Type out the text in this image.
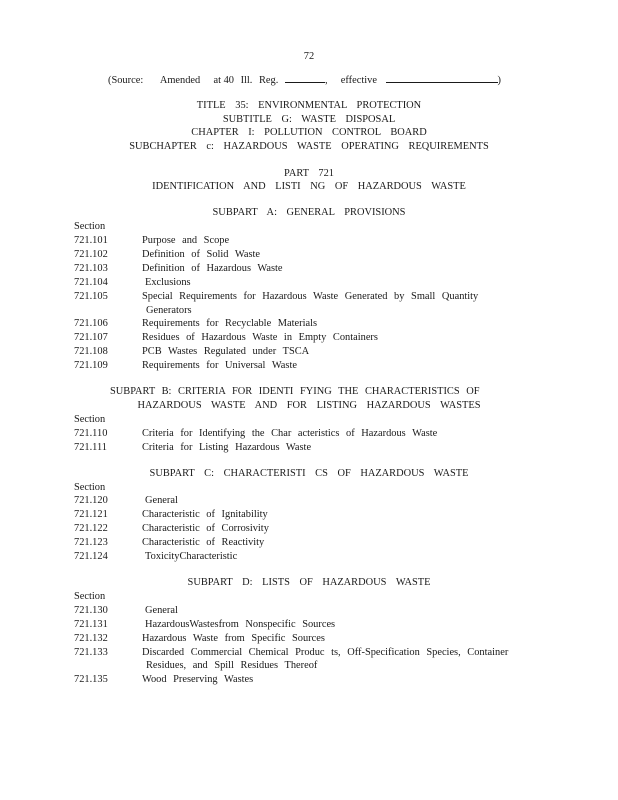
72
(Source: Amended at 40 Ill. Reg.	, effective	)
TITLE 35: ENVIRONMENTAL PROTECTION
SUBTITLE G: WASTE DISPOSAL
CHAPTER I: POLLUTION CONTROL BOARD
SUBCHAPTER c: HAZARDOUS WASTE OPERATING REQUIREMENTS
PART 721
IDENTIFICATION AND LISTI NG OF HAZARDOUS WASTE
SUBPART A: GENERAL PROVISIONS
Section
721.101	Purpose and Scope
721.102	Definition of Solid Waste
721.103	Definition of Hazardous Waste
721.104	Exclusions
721.105	Special Requirements for Hazardous Waste Generated by Small Quantity
Generators
721.106	Requirements for Recyclable Materials
721.107	Residues of Hazardous Waste in Empty Containers
721.108	PCB Wastes Regulated under TSCA
721.109	Requirements for Universal Waste
SUBPART B: CRITERIA FOR IDENTI FYING THE CHARACTERISTICS OF
HAZARDOUS WASTE AND FOR LISTING HAZARDOUS WASTES
Section
721.110	Criteria for Identifying the Char acteristics of Hazardous Waste
721.111	Criteria for Listing Hazardous Waste
SUBPART C: CHARACTERISTI CS OF HAZARDOUS WASTE
Section
721.120	General
721.121	Characteristic of Ignitability
721.122	Characteristic of Corrosivity
721.123	Characteristic of Reactivity
721.124	ToxicityCharacteristic
SUBPART D: LISTS OF HAZARDOUS WASTE
Section
721.130	General
721.131	HazardousWastesfrom Nonspecific Sources
721.132	Hazardous Waste from Specific Sources
721.133	Discarded Commercial Chemical Produc ts, Off-Specification Species, Container
Residues, and Spill Residues Thereof
721.135	Wood Preserving Wastes
